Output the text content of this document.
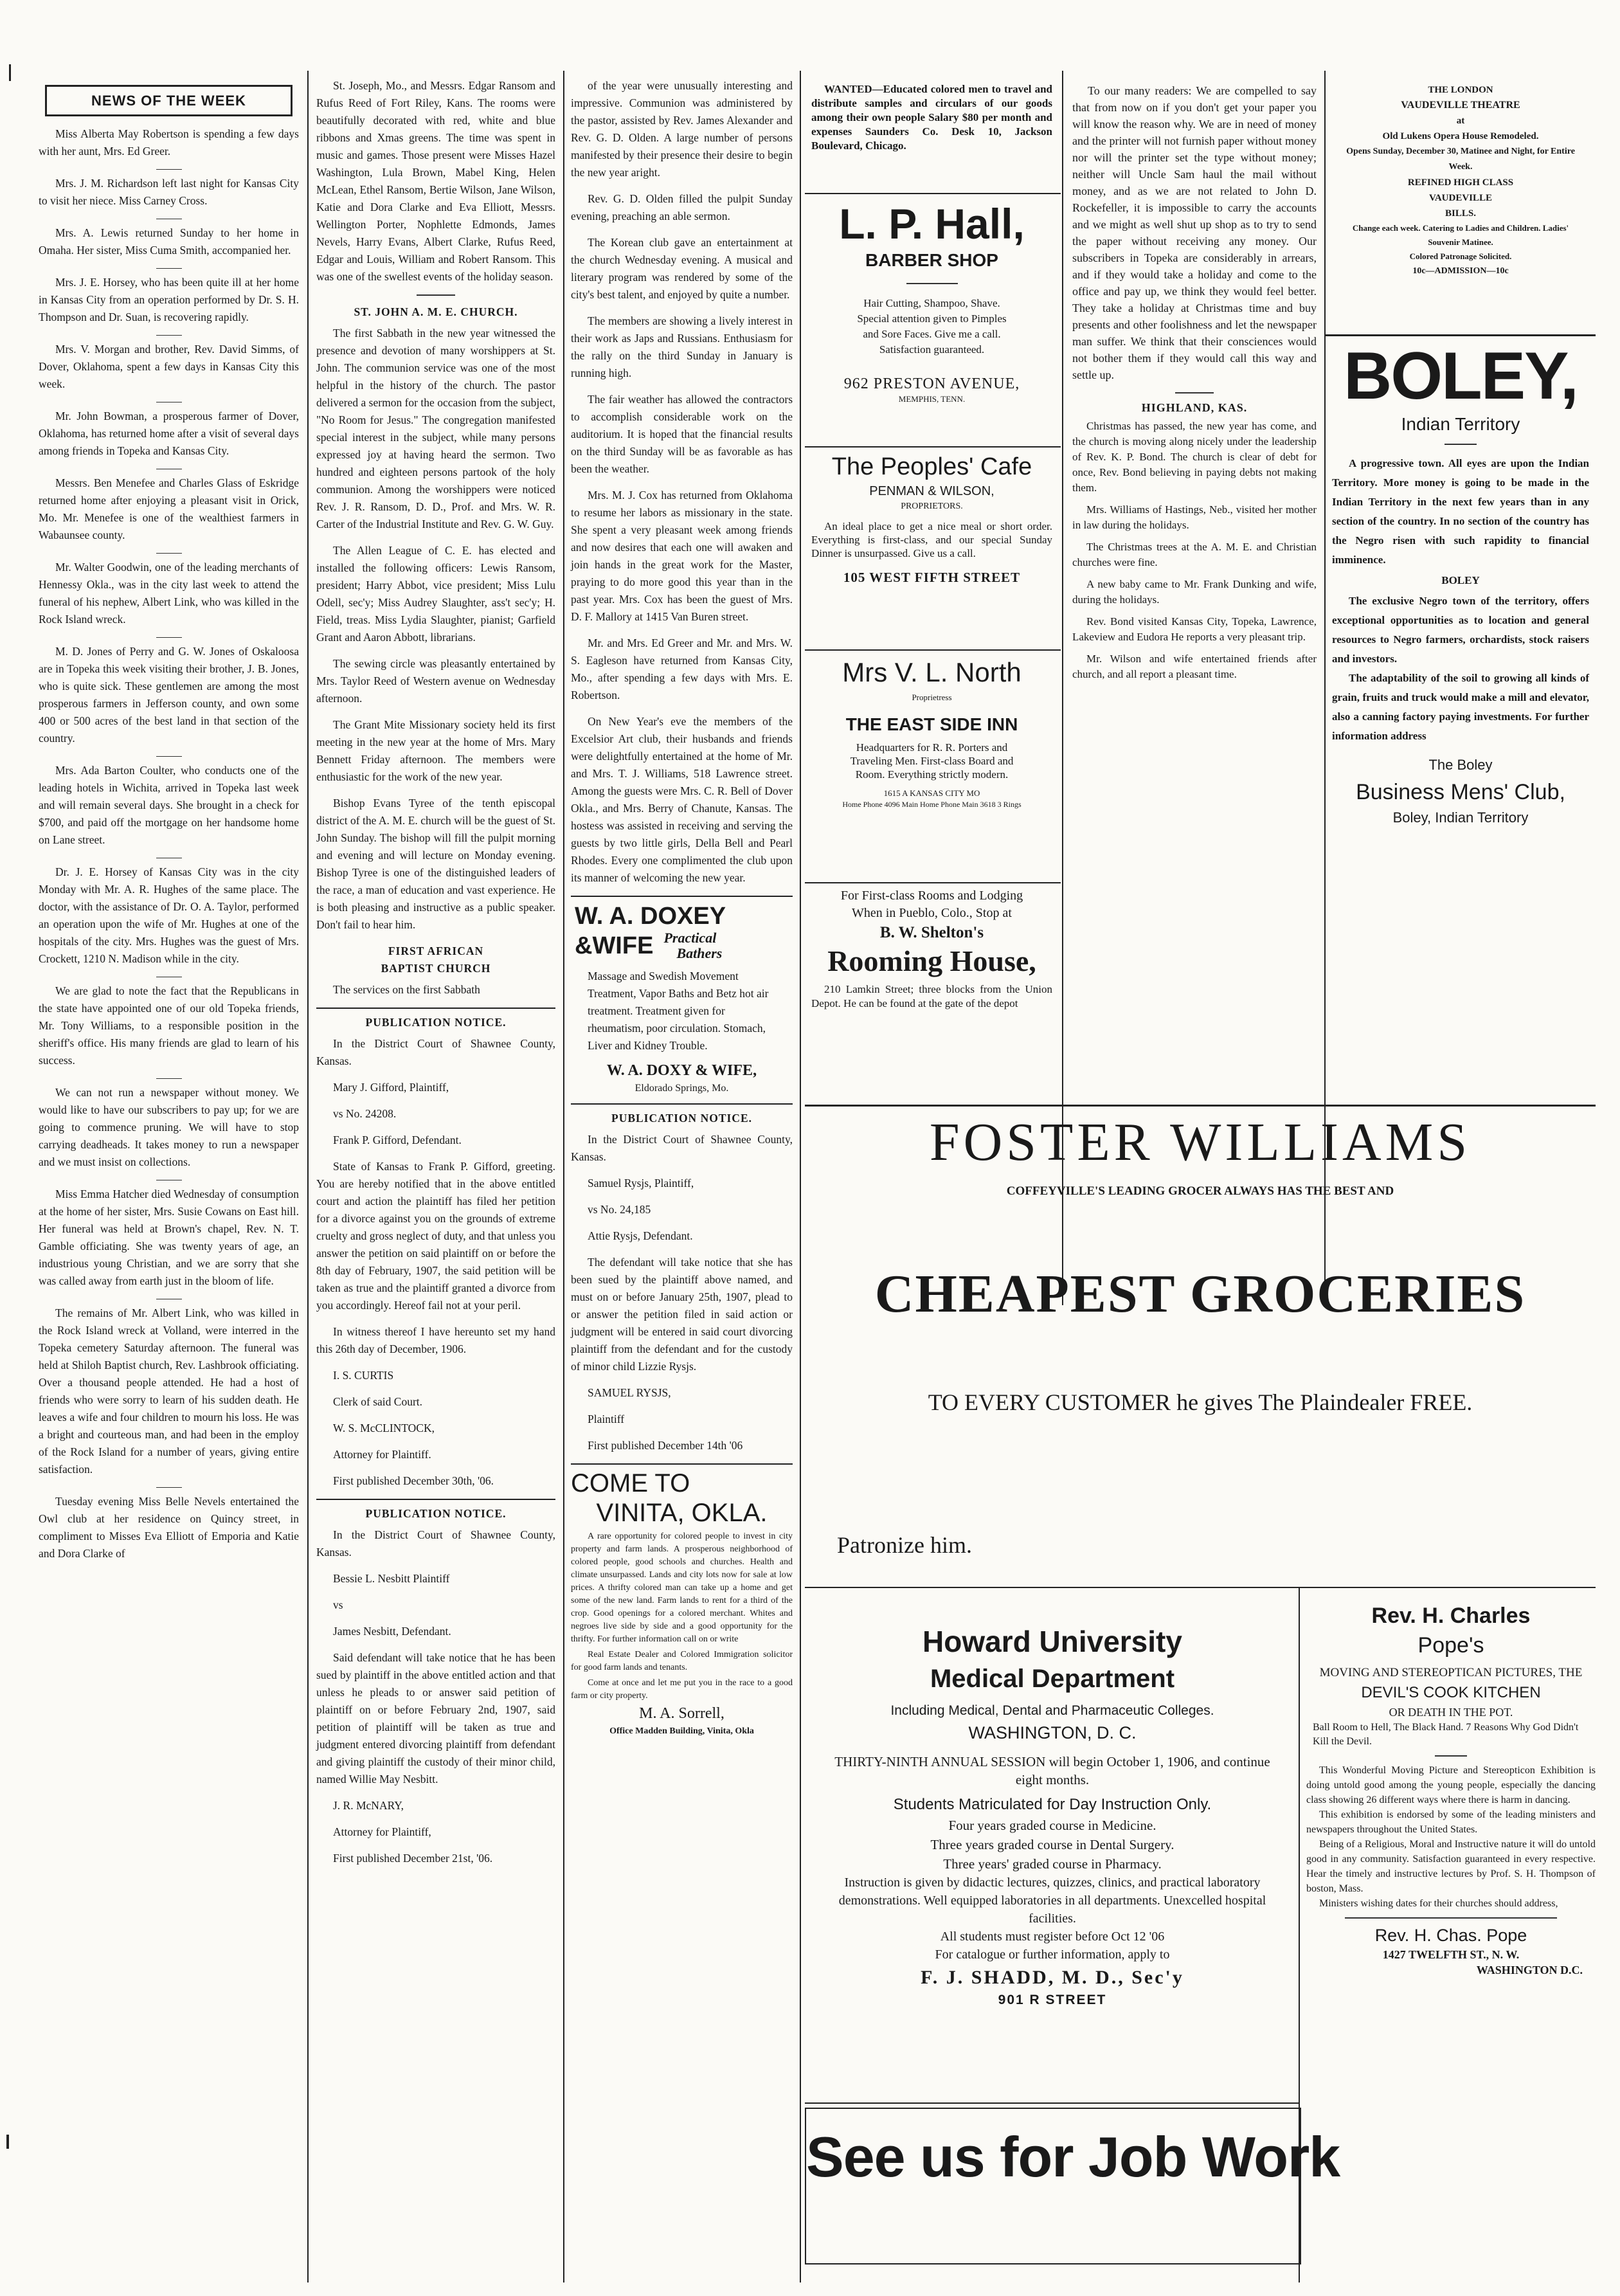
NEWS OF THE WEEK

Miss Alberta May Robertson is spending a few days with her aunt, Mrs. Ed Greer.

Mrs. J. M. Richardson left last night for Kansas City to visit her niece. Miss Carney Cross.

Mrs. A. Lewis returned Sunday to her home in Omaha. Her sister, Miss Cuma Smith, accompanied her.

Mrs. J. E. Horsey, who has been quite ill at her home in Kansas City from an operation performed by Dr. S. H. Thompson and Dr. Suan, is recovering rapidly.

Mrs. V. Morgan and brother, Rev. David Simms, of Dover, Oklahoma, spent a few days in Kansas City this week.

Mr. John Bowman, a prosperous farmer of Dover, Oklahoma, has returned home after a visit of several days among friends in Topeka and Kansas City.

Messrs. Ben Menefee and Charles Glass of Eskridge returned home after enjoying a pleasant visit in Orick, Mo. Mr. Menefee is one of the wealthiest farmers in Wabaunsee county.

Mr. Walter Goodwin, one of the leading merchants of Hennessy Okla., was in the city last week to attend the funeral of his nephew, Albert Link, who was killed in the Rock Island wreck.

M. D. Jones of Perry and G. W. Jones of Oskaloosa are in Topeka this week visiting their brother, J. B. Jones, who is quite sick. These gentlemen are among the most prosperous farmers in Jefferson county, and own some 400 or 500 acres of the best land in that section of the country.

Mrs. Ada Barton Coulter, who conducts one of the leading hotels in Wichita, arrived in Topeka last week and will remain several days. She brought in a check for $700, and paid off the mortgage on her handsome home on Lane street.

Dr. J. E. Horsey of Kansas City was in the city Monday with Mr. A. R. Hughes of the same place. The doctor, with the assistance of Dr. O. A. Taylor, performed an operation upon the wife of Mr. Hughes at one of the hospitals of the city. Mrs. Hughes was the guest of Mrs. Crockett, 1210 N. Madison while in the city.

We are glad to note the fact that the Republicans in the state have appointed one of our old Topeka friends, Mr. Tony Williams, to a responsible position in the sheriff's office. His many friends are glad to learn of his success.

We can not run a newspaper without money. We would like to have our subscribers to pay up; for we are going to commence pruning. We will have to stop carrying deadheads. It takes money to run a newspaper and we must insist on collections.

Miss Emma Hatcher died Wednesday of consumption at the home of her sister, Mrs. Susie Cowans on East hill. Her funeral was held at Brown's chapel, Rev. N. T. Gamble officiating. She was twenty years of age, an industrious young Christian, and we are sorry that she was called away from earth just in the bloom of life.

The remains of Mr. Albert Link, who was killed in the Rock Island wreck at Volland, were interred in the Topeka cemetery Saturday afternoon. The funeral was held at Shiloh Baptist church, Rev. Lashbrook officiating. Over a thousand people attended. He had a host of friends who were sorry to learn of his sudden death. He leaves a wife and four children to mourn his loss. He was a bright and courteous man, and had been in the employ of the Rock Island for a number of years, giving entire satisfaction.

Tuesday evening Miss Belle Nevels entertained the Owl club at her residence on Quincy street, in compliment to Misses Eva Elliott of Emporia and Katie and Dora Clarke of

St. Joseph, Mo., and Messrs. Edgar Ransom and Rufus Reed of Fort Riley, Kans. The rooms were beautifully decorated with red, white and blue ribbons and Xmas greens. The time was spent in music and games. Those present were Misses Hazel Washington, Lula Brown, Mabel King, Helen McLean, Ethel Ransom, Bertie Wilson, Jane Wilson, Katie and Dora Clarke and Eva Elliott, Messrs. Wellington Porter, Nophlette Edmonds, James Nevels, Harry Evans, Albert Clarke, Rufus Reed, Edgar and Louis, William and Robert Ransom. This was one of the swellest events of the holiday season.

ST. JOHN A. M. E. CHURCH.

The first Sabbath in the new year witnessed the presence and devotion of many worshippers at St. John. The communion service was one of the most helpful in the history of the church. The pastor delivered a sermon for the occasion from the subject, "No Room for Jesus." The congregation manifested special interest in the subject, while many persons expressed joy at having heard the sermon. Two hundred and eighteen persons partook of the holy communion. Among the worshippers were noticed Rev. J. R. Ransom, D. D., Prof. and Mrs. W. R. Carter of the Industrial Institute and Rev. G. W. Guy.

The Allen League of C. E. has elected and installed the following officers: Lewis Ransom, president; Harry Abbot, vice president; Miss Lulu Odell, sec'y; Miss Audrey Slaughter, ass't sec'y; H. Field, treas. Miss Lydia Slaughter, pianist; Garfield Grant and Aaron Abbott, librarians.

The sewing circle was pleasantly entertained by Mrs. Taylor Reed of Western avenue on Wednesday afternoon.

The Grant Mite Missionary society held its first meeting in the new year at the home of Mrs. Mary Bennett Friday afternoon. The members were enthusiastic for the work of the new year.

Bishop Evans Tyree of the tenth episcopal district of the A. M. E. church will be the guest of St. John Sunday. The bishop will fill the pulpit morning and evening and will lecture on Monday evening. Bishop Tyree is one of the distinguished leaders of the race, a man of education and vast experience. He is both pleasing and instructive as a public speaker. Don't fail to hear him.

FIRST AFRICAN
BAPTIST CHURCH

The services on the first Sabbath

PUBLICATION NOTICE.

In the District Court of Shawnee County, Kansas.

Mary J. Gifford, Plaintiff,

vs No. 24208.

Frank P. Gifford, Defendant.

State of Kansas to Frank P. Gifford, greeting. You are hereby notified that in the above entitled court and action the plaintiff has filed her petition for a divorce against you on the grounds of extreme cruelty and gross neglect of duty, and that unless you answer the petition on said plaintiff on or before the 8th day of February, 1907, the said petition will be taken as true and the plaintiff granted a divorce from you accordingly. Hereof fail not at your peril.

In witness thereof I have hereunto set my hand this 26th day of December, 1906.

I. S. CURTIS

Clerk of said Court.

W. S. McCLINTOCK,

Attorney for Plaintiff.

First published December 30th, '06.

PUBLICATION NOTICE.

In the District Court of Shawnee County, Kansas.

Bessie L. Nesbitt Plaintiff

vs

James Nesbitt, Defendant.

Said defendant will take notice that he has been sued by plaintiff in the above entitled action and that unless he pleads to or answer said petition of plaintiff on or before February 2nd, 1907, said petition of plaintiff will be taken as true and judgment entered divorcing plaintiff from defendant and giving plaintiff the custody of their minor child, named Willie May Nesbitt.

J. R. McNARY,

Attorney for Plaintiff,

First published December 21st, '06.

of the year were unusually interesting and impressive. Communion was administered by the pastor, assisted by Rev. James Alexander and Rev. G. D. Olden. A large number of persons manifested by their presence their desire to begin the new year aright.

Rev. G. D. Olden filled the pulpit Sunday evening, preaching an able sermon.

The Korean club gave an entertainment at the church Wednesday evening. A musical and literary program was rendered by some of the city's best talent, and enjoyed by quite a number.

The members are showing a lively interest in their work as Japs and Russians. Enthusiasm for the rally on the third Sunday in January is running high.

The fair weather has allowed the contractors to accomplish considerable work on the auditorium. It is hoped that the financial results on the third Sunday will be as favorable as has been the weather.

Mrs. M. J. Cox has returned from Oklahoma to resume her labors as missionary in the state. She spent a very pleasant week among friends and now desires that each one will awaken and join hands in the great work for the Master, praying to do more good this year than in the past year. Mrs. Cox has been the guest of Mrs. D. F. Mallory at 1415 Van Buren street.

Mr. and Mrs. Ed Greer and Mr. and Mrs. W. S. Eagleson have returned from Kansas City, Mo., after spending a few days with Mrs. E. Robertson.

On New Year's eve the members of the Excelsior Art club, their husbands and friends were delightfully entertained at the home of Mr. and Mrs. T. J. Williams, 518 Lawrence street. Among the guests were Mrs. C. R. Bell of Dover Okla., and Mrs. Berry of Chanute, Kansas. The hostess was assisted in receiving and serving the guests by two little girls, Della Bell and Pearl Rhodes. Every one complimented the club upon its manner of welcoming the new year.

W. A. DOXEY
&WIFE Practical
Bathers

Massage and Swedish Movement Treatment, Vapor Baths and Betz hot air treatment. Treatment given for rheumatism, poor circulation. Stomach, Liver and Kidney Trouble.

W. A. DOXY & WIFE,
Eldorado Springs, Mo.
PUBLICATION NOTICE.

In the District Court of Shawnee County, Kansas.

Samuel Rysjs, Plaintiff,

vs No. 24,185

Attie Rysjs, Defendant.

The defendant will take notice that she has been sued by the plaintiff above named, and must on or before January 25th, 1907, plead to or answer the petition filed in said action or judgment will be entered in said court divorcing plaintiff from the defendant and for the custody of minor child Lizzie Rysjs.

SAMUEL RYSJS,

Plaintiff

First published December 14th '06

COME TO
VINITA, OKLA.

A rare opportunity for colored people to invest in city property and farm lands. A prosperous neighborhood of colored people, good schools and churches. Health and climate unsurpassed. Lands and city lots now for sale at low prices. A thrifty colored man can take up a home and get some of the new land. Farm lands to rent for a third of the crop. Good openings for a colored merchant. Whites and negroes live side by side and a good opportunity for the thrifty. For further information call on or write

Real Estate Dealer and Colored Immigration solicitor for good farm lands and tenants.

Come at once and let me put you in the race to a good farm or city property.

M. A. Sorrell,
Office Madden Building, Vinita, Okla

WANTED—Educated colored men to travel and distribute samples and circulars of our goods among their own people Salary $80 per month and expenses Saunders Co. Desk 10, Jackson Boulevard, Chicago.

L. P. Hall,
BARBER SHOP
Hair Cutting, Shampoo, Shave. Special attention given to Pimples and Sore Faces. Give me a call. Satisfaction guaranteed.
962 PRESTON AVENUE,
MEMPHIS, TENN.
The Peoples' Cafe
PENMAN & WILSON,
PROPRIETORS.
An ideal place to get a nice meal or short order. Everything is first-class, and our special Sunday Dinner is unsurpassed. Give us a call.
105 WEST FIFTH STREET
Mrs V. L. North
Proprietress
THE EAST SIDE INN
Headquarters for R. R. Porters and Traveling Men. First-class Board and Room. Everything strictly modern.
1615 A KANSAS CITY MO
Home Phone 4096 Main Home Phone Main 3618 3 Rings
For First-class Rooms and Lodging When in Pueblo, Colo., Stop at
B. W. Shelton's
Rooming House,
210 Lamkin Street; three blocks from the Union Depot. He can be found at the gate of the depot

To our many readers: We are compelled to say that from now on if you don't get your paper you will know the reason why. We are in need of money and the printer will not furnish paper without money nor will the printer set the type without money; neither will Uncle Sam haul the mail without money, and as we are not related to John D. Rockefeller, it is impossible to carry the accounts and we might as well shut up shop as to try to send the paper without receiving any money. Our subscribers in Topeka are considerably in arrears, and if they would take a holiday and come to the office and pay up, we think they would feel better. They take a holiday at Christmas time and buy presents and other foolishness and let the newspaper man suffer. We think that their consciences would not bother them if they would call this way and settle up.

HIGHLAND, KAS.

Christmas has passed, the new year has come, and the church is moving along nicely under the leadership of Rev. K. P. Bond. The church is clear of debt for once, Rev. Bond believing in paying debts not making them.

Mrs. Williams of Hastings, Neb., visited her mother in law during the holidays.

The Christmas trees at the A. M. E. and Christian churches were fine.

A new baby came to Mr. Frank Dunking and wife, during the holidays.

Rev. Bond visited Kansas City, Topeka, Lawrence, Lakeview and Eudora He reports a very pleasant trip.

Mr. Wilson and wife entertained friends after church, and all report a pleasant time.

THE LONDON
VAUDEVILLE THEATRE
at
Old Lukens Opera House Remodeled.
Opens Sunday, December 30, Matinee and Night, for Entire Week.
REFINED HIGH CLASS
VAUDEVILLE
BILLS.
Change each week. Catering to Ladies and Children. Ladies' Souvenir Matinee.
Colored Patronage Solicited.
10c—ADMISSION—10c
BOLEY,
Indian Territory

A progressive town. All eyes are upon the Indian Territory. More money is going to be made in the Indian Territory in the next few years than in any section of the country. In no section of the country has the Negro risen with such rapidity to financial imminence.

BOLEY

The exclusive Negro town of the territory, offers exceptional opportunities as to location and general resources to Negro farmers, orchardists, stock raisers and investors.

The adaptability of the soil to growing all kinds of grain, fruits and truck would make a mill and elevator, also a canning factory paying investments. For further information address

The Boley
Business Mens' Club,
Boley, Indian Territory
FOSTER WILLIAMS
COFFEYVILLE'S LEADING GROCER ALWAYS HAS THE BEST AND
CHEAPEST GROCERIES
TO EVERY CUSTOMER he gives The Plaindealer FREE.
Patronize him.
Howard University
Medical Department
Including Medical, Dental and Pharmaceutic Colleges.
WASHINGTON, D. C.
THIRTY-NINTH ANNUAL SESSION will begin October 1, 1906, and continue eight months.
Students Matriculated for Day Instruction Only.
Four years graded course in Medicine.
Three years graded course in Dental Surgery.
Three years' graded course in Pharmacy.
Instruction is given by didactic lectures, quizzes, clinics, and practical laboratory demonstrations. Well equipped laboratories in all departments. Unexcelled hospital facilities.
All students must register before Oct 12 '06
For catalogue or further information, apply to
F. J. SHADD, M. D., Sec'y
901 R STREET
See us for Job Work
Rev. H. Charles
Pope's
MOVING AND STEREOPTICAN PICTURES, THE
DEVIL'S COOK KITCHEN
OR DEATH IN THE POT.
Ball Room to Hell, The Black Hand. 7 Reasons Why God Didn't Kill the Devil.

This Wonderful Moving Picture and Stereopticon Exhibition is doing untold good among the young people, especially the dancing class showing 26 different ways where there is harm in dancing.

This exhibition is endorsed by some of the leading ministers and newspapers throughout the United States.

Being of a Religious, Moral and Instructive nature it will do untold good in any community. Satisfaction guaranteed in every respective. Hear the timely and instructive lectures by Prof. S. H. Thompson of boston, Mass.

Ministers wishing dates for their churches should address,

Rev. H. Chas. Pope
1427 TWELFTH ST., N. W.
WASHINGTON D.C.
